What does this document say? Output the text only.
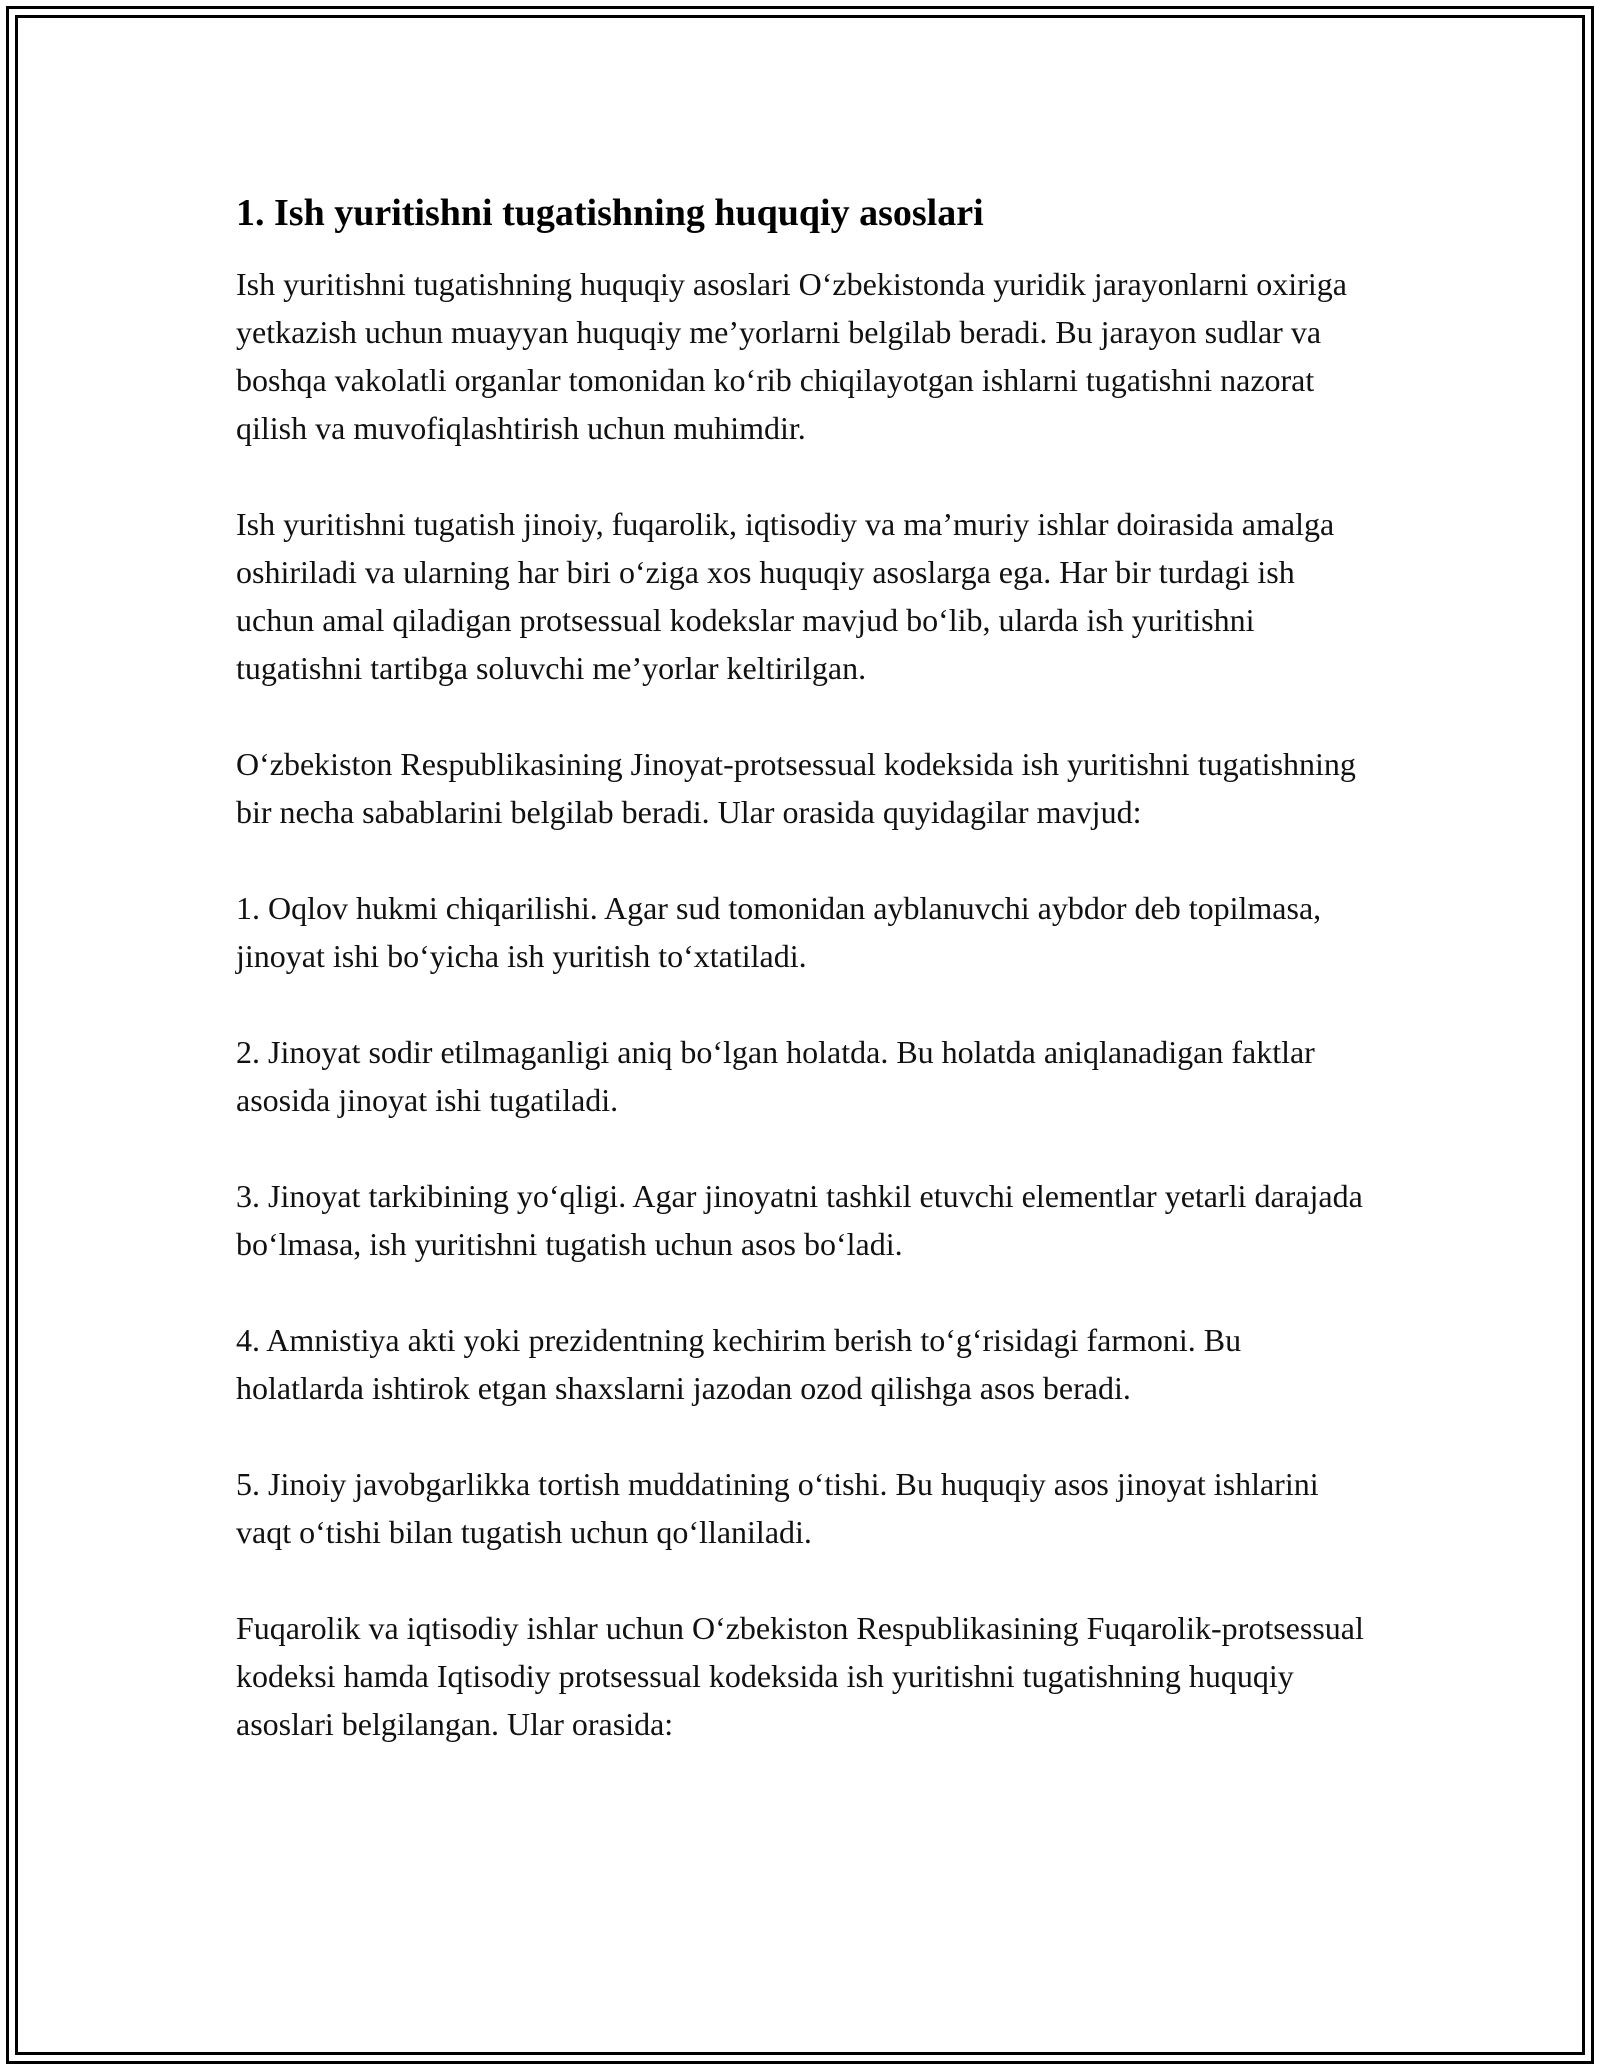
1. Ish yuritishni tugatishning huquqiy asoslari

Ish yuritishni tugatishning huquqiy asoslari O‘zbekistonda yuridik jarayonlarni oxiriga yetkazish uchun muayyan huquqiy me’yorlarni belgilab beradi. Bu jarayon sudlar va boshqa vakolatli organlar tomonidan ko‘rib chiqilayotgan ishlarni tugatishni nazorat qilish va muvofiqlashtirish uchun muhimdir.

Ish yuritishni tugatish jinoiy, fuqarolik, iqtisodiy va ma’muriy ishlar doirasida amalga oshiriladi va ularning har biri o‘ziga xos huquqiy asoslarga ega. Har bir turdagi ish uchun amal qiladigan protsessual kodekslar mavjud bo‘lib, ularda ish yuritishni tugatishni tartibga soluvchi me’yorlar keltirilgan.

O‘zbekiston Respublikasining Jinoyat-protsessual kodeksida ish yuritishni tugatishning bir necha sabablarini belgilab beradi. Ular orasida quyidagilar mavjud:

1. Oqlov hukmi chiqarilishi. Agar sud tomonidan ayblanuvchi aybdor deb topilmasa, jinoyat ishi bo‘yicha ish yuritish to‘xtatiladi.

2. Jinoyat sodir etilmaganligi aniq bo‘lgan holatda. Bu holatda aniqlanadigan faktlar asosida jinoyat ishi tugatiladi.

3. Jinoyat tarkibining yo‘qligi. Agar jinoyatni tashkil etuvchi elementlar yetarli darajada bo‘lmasa, ish yuritishni tugatish uchun asos bo‘ladi.

4. Amnistiya akti yoki prezidentning kechirim berish to‘g‘risidagi farmoni. Bu holatlarda ishtirok etgan shaxslarni jazodan ozod qilishga asos beradi.

5. Jinoiy javobgarlikka tortish muddatining o‘tishi. Bu huquqiy asos jinoyat ishlarini vaqt o‘tishi bilan tugatish uchun qo‘llaniladi.

Fuqarolik va iqtisodiy ishlar uchun O‘zbekiston Respublikasining Fuqarolik-protsessual kodeksi hamda Iqtisodiy protsessual kodeksida ish yuritishni tugatishning huquqiy asoslari belgilangan. Ular orasida:
